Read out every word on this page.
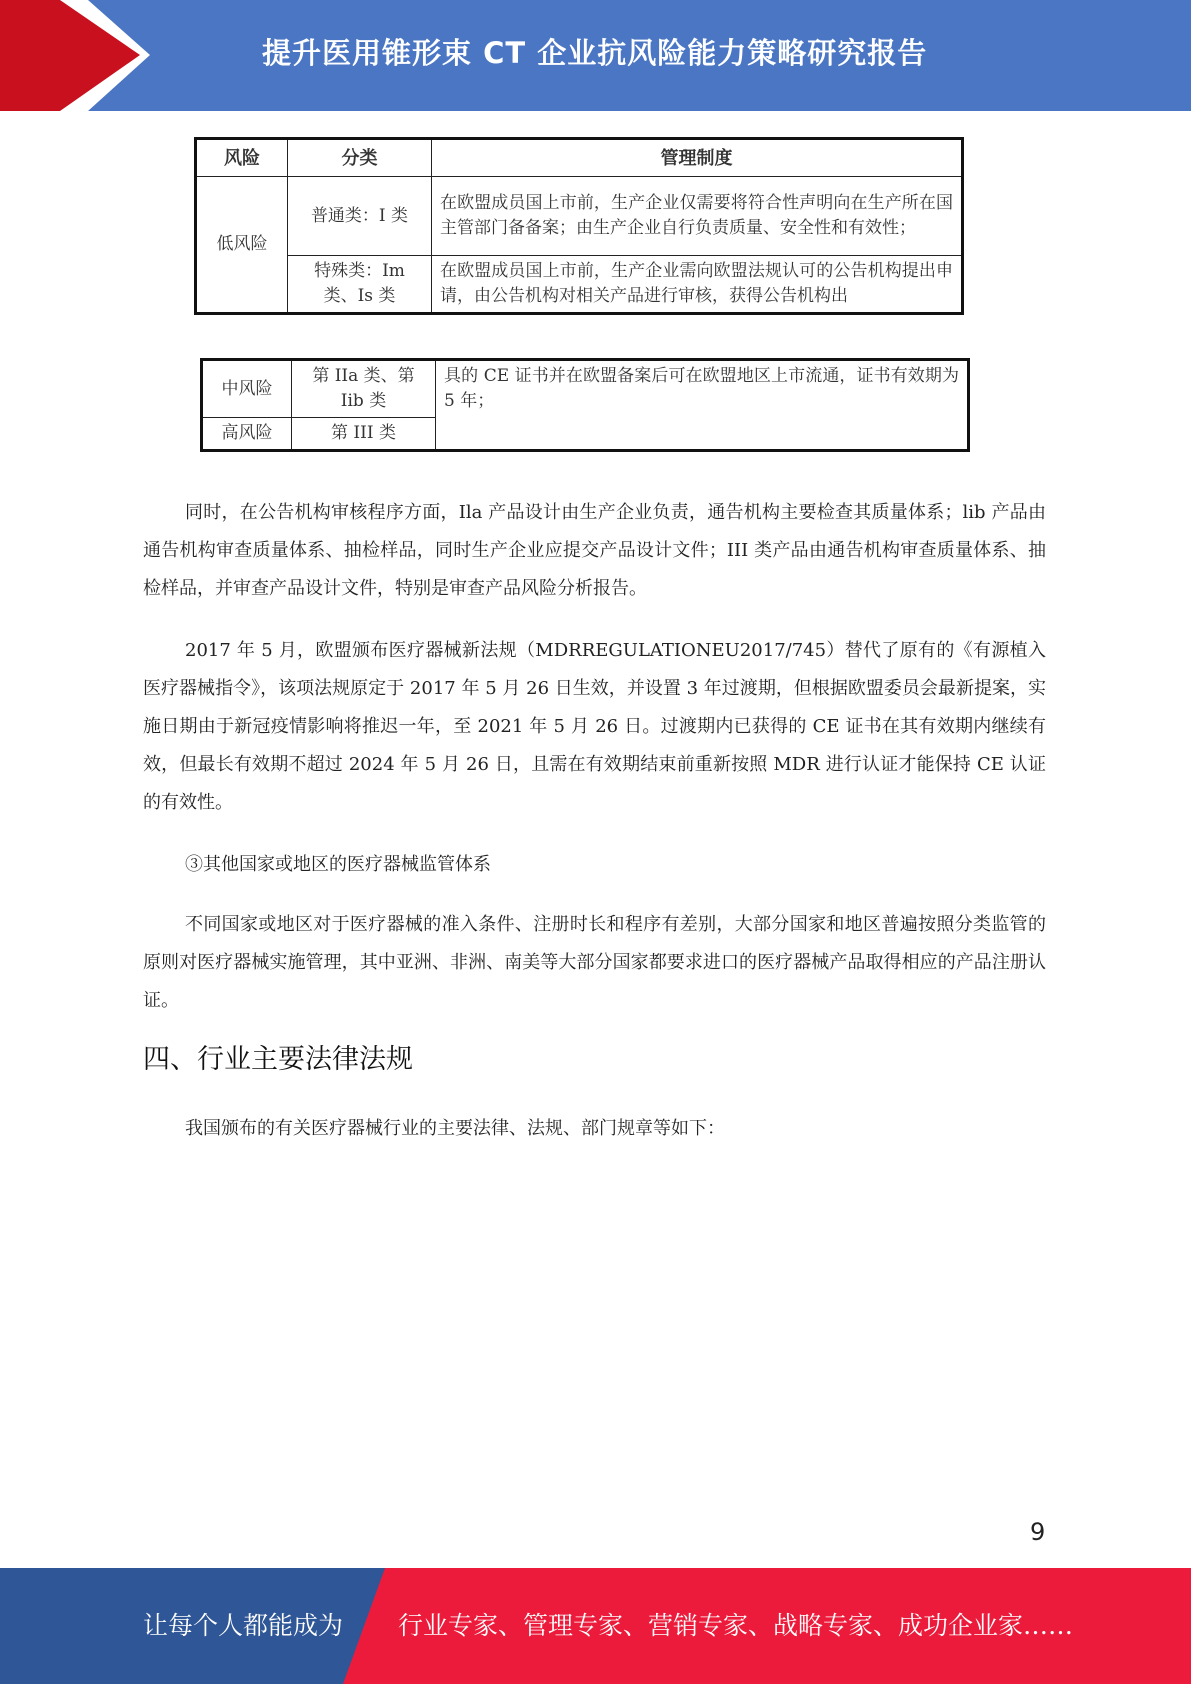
提升医用锥形束 CT 企业抗风险能力策略研究报告
风险	分类	管理制度
低风险	普通类：I 类	在欧盟成员国上市前，生产企业仅需要将符合性声明向在生产所在国主管部门备备案；由生产企业自行负责质量、安全性和有效性；
	特殊类：Im 类、Is 类	在欧盟成员国上市前，生产企业需向欧盟法规认可的公告机构提出申请，由公告机构对相关产品进行审核，获得公告机构出
中风险	第 IIa 类、第 Iib 类	具的 CE 证书并在欧盟备案后可在欧盟地区上市流通，证书有效期为 5 年；
高风险	第 III 类	

同时，在公告机构审核程序方面，Ila 产品设计由生产企业负责，通告机构主要检查其质量体系；lib 产品由通告机构审查质量体系、抽检样品，同时生产企业应提交产品设计文件；III 类产品由通告机构审查质量体系、抽检样品，并审查产品设计文件，特别是审查产品风险分析报告。

2017 年 5 月，欧盟颁布医疗器械新法规（MDRREGULATIONEU2017/745）替代了原有的《有源植入医疗器械指令》，该项法规原定于 2017 年 5 月 26 日生效，并设置 3 年过渡期，但根据欧盟委员会最新提案，实施日期由于新冠疫情影响将推迟一年，至 2021 年 5 月 26 日。过渡期内已获得的 CE 证书在其有效期内继续有效，但最长有效期不超过 2024 年 5 月 26 日，且需在有效期结束前重新按照 MDR 进行认证才能保持 CE 认证的有效性。

③其他国家或地区的医疗器械监管体系

不同国家或地区对于医疗器械的准入条件、注册时长和程序有差别，大部分国家和地区普遍按照分类监管的原则对医疗器械实施管理，其中亚洲、非洲、南美等大部分国家都要求进口的医疗器械产品取得相应的产品注册认证。

四、行业主要法律法规

我国颁布的有关医疗器械行业的主要法律、法规、部门规章等如下：

9
让每个人都能成为 行业专家、管理专家、营销专家、战略专家、成功企业家……
